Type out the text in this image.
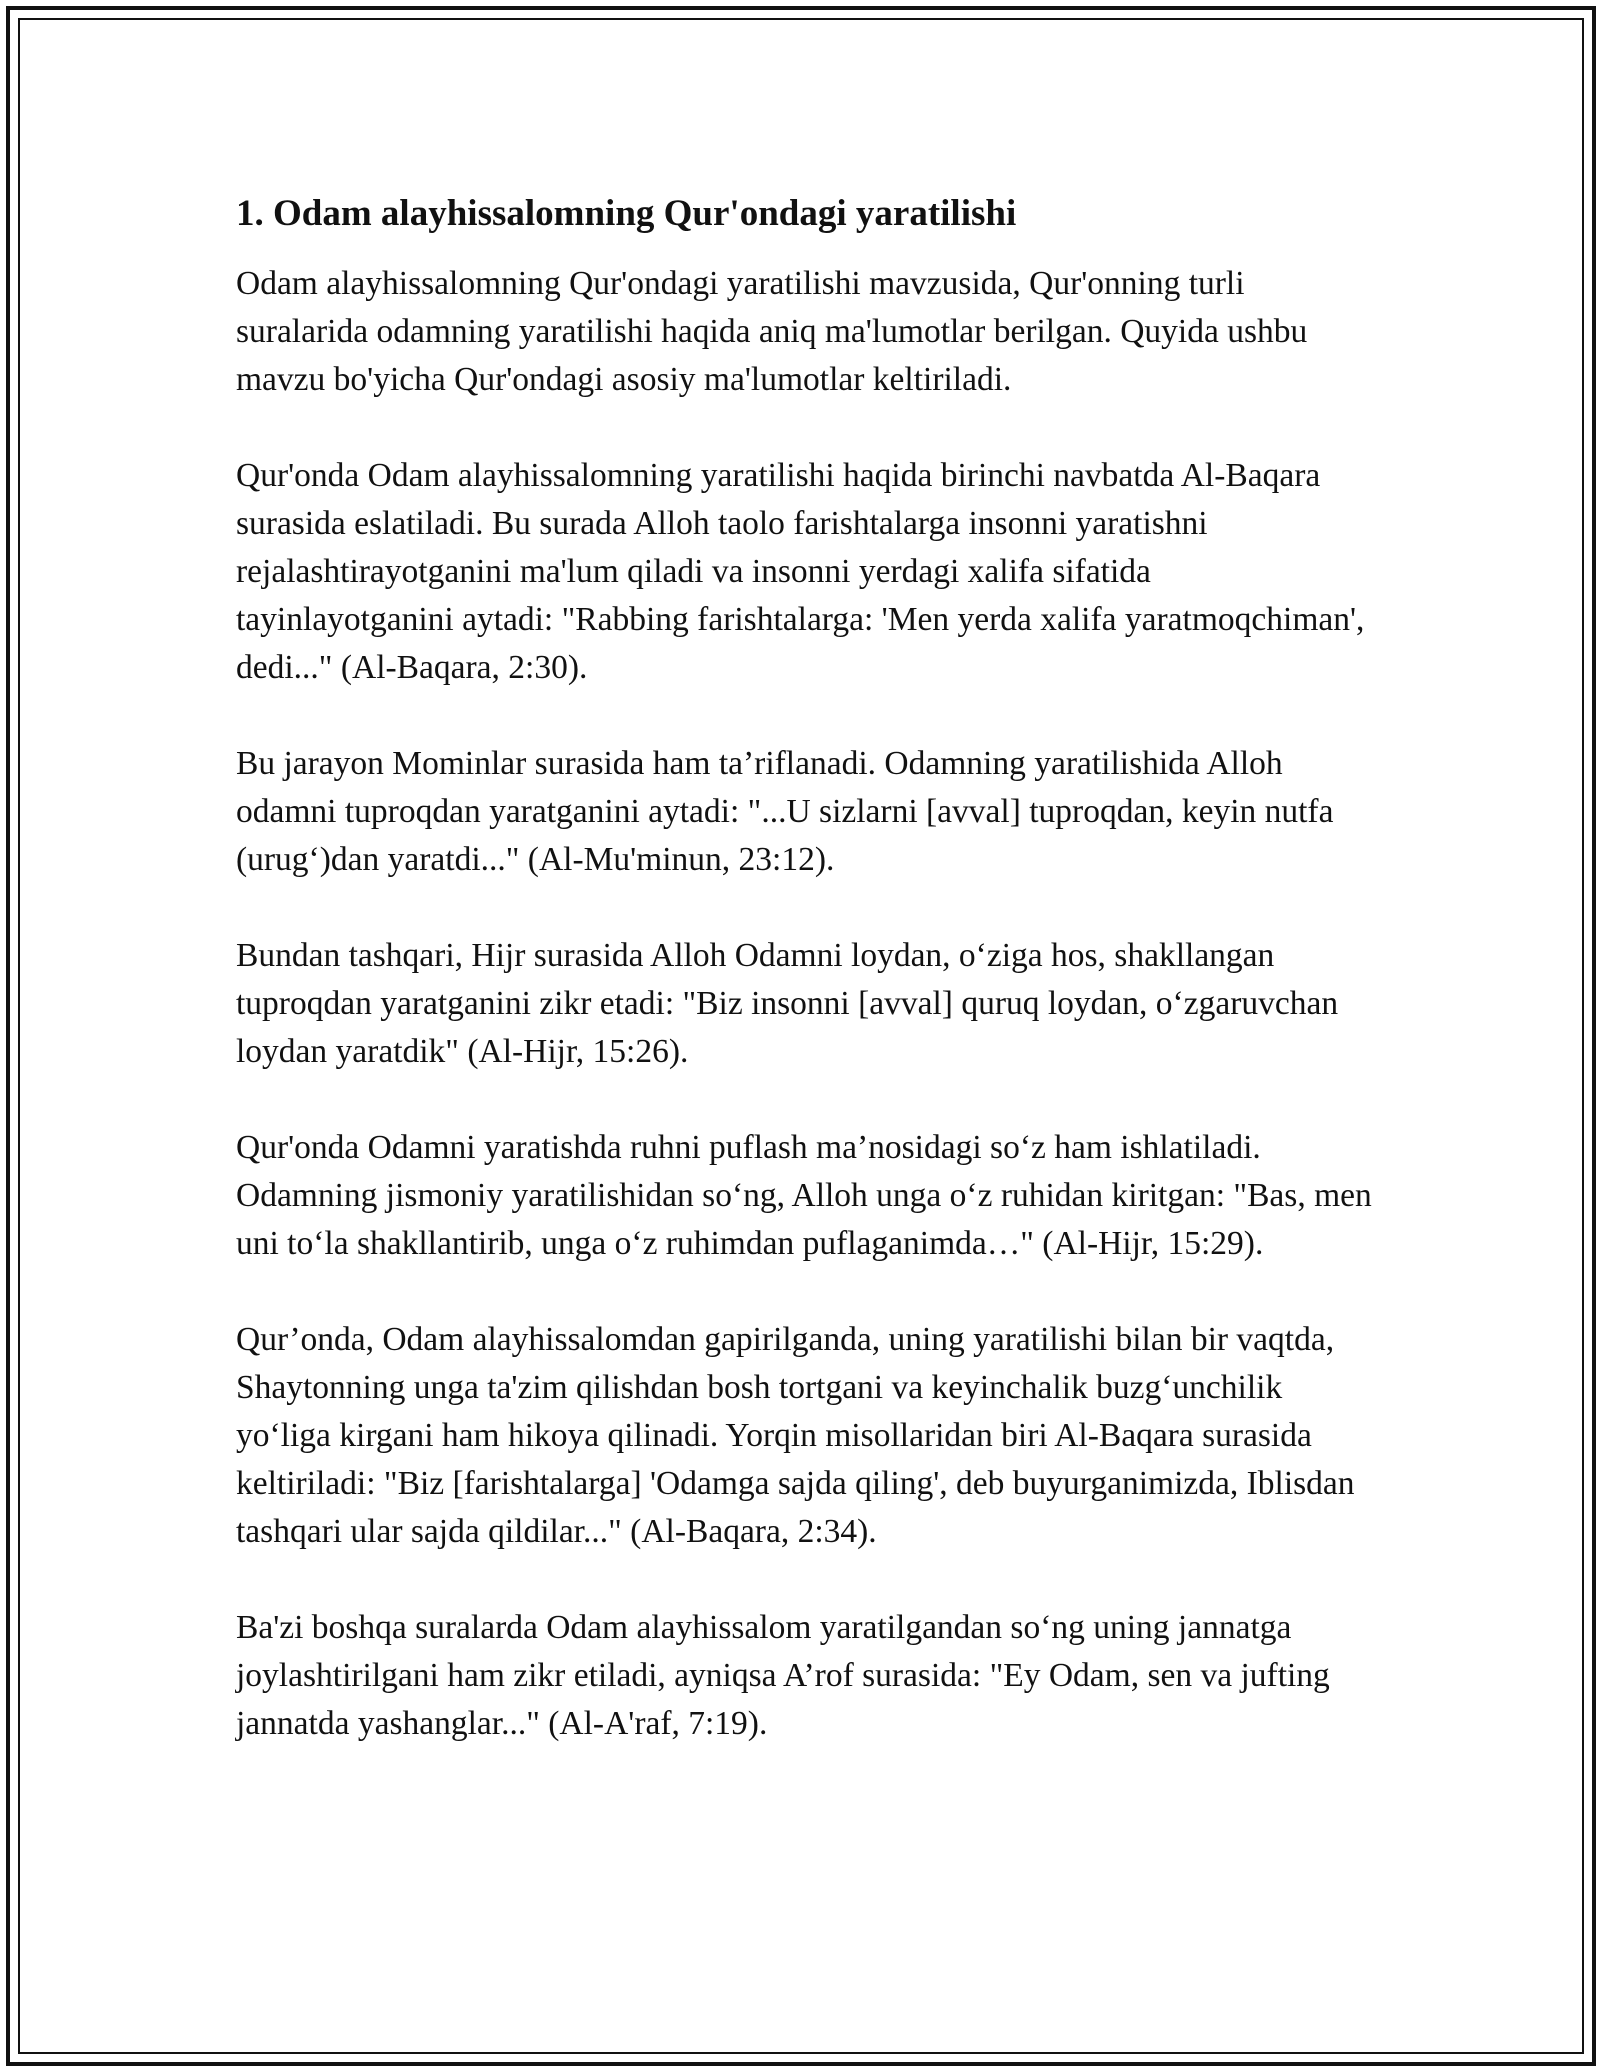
1. Odam alayhissalomning Qur'ondagi yaratilishi

Odam alayhissalomning Qur'ondagi yaratilishi mavzusida, Qur'onning turli suralarida odamning yaratilishi haqida aniq ma'lumotlar berilgan. Quyida ushbu mavzu bo'yicha Qur'ondagi asosiy ma'lumotlar keltiriladi.

Qur'onda Odam alayhissalomning yaratilishi haqida birinchi navbatda Al-Baqara surasida eslatiladi. Bu surada Alloh taolo farishtalarga insonni yaratishni rejalashtirayotganini ma'lum qiladi va insonni yerdagi xalifa sifatida tayinlayotganini aytadi: "Rabbing farishtalarga: 'Men yerda xalifa yaratmoqchiman', dedi..." (Al-Baqara, 2:30).

Bu jarayon Mominlar surasida ham ta’riflanadi. Odamning yaratilishida Alloh odamni tuproqdan yaratganini aytadi: "...U sizlarni [avval] tuproqdan, keyin nutfa (urug‘)dan yaratdi..." (Al-Mu'minun, 23:12).

Bundan tashqari, Hijr surasida Alloh Odamni loydan, o‘ziga hos, shakllangan tuproqdan yaratganini zikr etadi: "Biz insonni [avval] quruq loydan, o‘zgaruvchan loydan yaratdik" (Al-Hijr, 15:26).

Qur'onda Odamni yaratishda ruhni puflash ma’nosidagi so‘z ham ishlatiladi. Odamning jismoniy yaratilishidan so‘ng, Alloh unga o‘z ruhidan kiritgan: "Bas, men uni to‘la shakllantirib, unga o‘z ruhimdan puflaganimda…" (Al-Hijr, 15:29).

Qur’onda, Odam alayhissalomdan gapirilganda, uning yaratilishi bilan bir vaqtda, Shaytonning unga ta'zim qilishdan bosh tortgani va keyinchalik buzg‘unchilik yo‘liga kirgani ham hikoya qilinadi. Yorqin misollaridan biri Al-Baqara surasida keltiriladi: "Biz [farishtalarga] 'Odamga sajda qiling', deb buyurganimizda, Iblisdan tashqari ular sajda qildilar..." (Al-Baqara, 2:34).

Ba'zi boshqa suralarda Odam alayhissalom yaratilgandan so‘ng uning jannatga joylashtirilgani ham zikr etiladi, ayniqsa A’rof surasida: "Ey Odam, sen va jufting jannatda yashanglar..." (Al-A'raf, 7:19).
